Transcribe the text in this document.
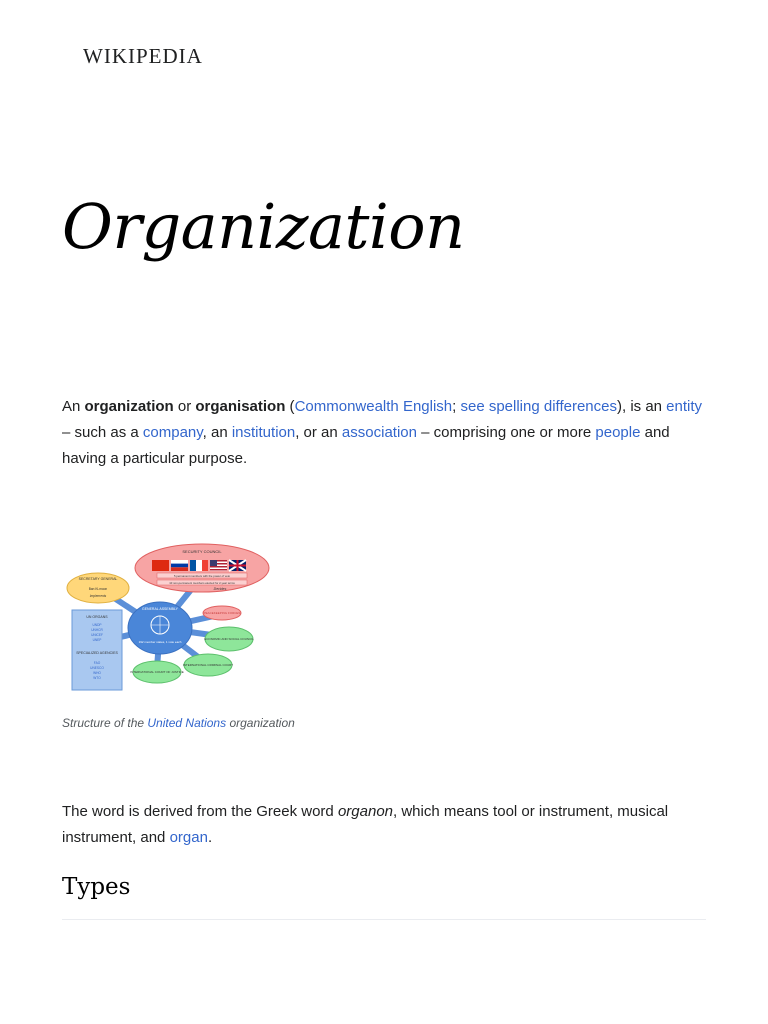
WIKIPEDIA
Organization

An organization or organisation (Commonwealth English; see spelling differences), is an entity – such as a company, an institution, or an association – comprising one or more people and having a particular purpose.

SECURITY COUNCIL
5 permanent members with the power of veto
10 non-permanent members elected for 2-year terms
Decides
SECRETARY GENERAL
Ban Ki-moon
Implements
PEACEKEEPING FORCES
UN ORGANS
UNDP
UNHCR
UNICEF
UNEP
SPECIALIZED AGENCIES
FAO
UNESCO
WHO
WTO
GENERAL ASSEMBLY
192 member states, 1 vote each
ECONOMIC AND SOCIAL COUNCIL
INTERNATIONAL CRIMINAL COURT
INTERNATIONAL COURT OF JUSTICE

Structure of the United Nations organization

The word is derived from the Greek word organon, which means tool or instrument, musical instrument, and organ.

Types
